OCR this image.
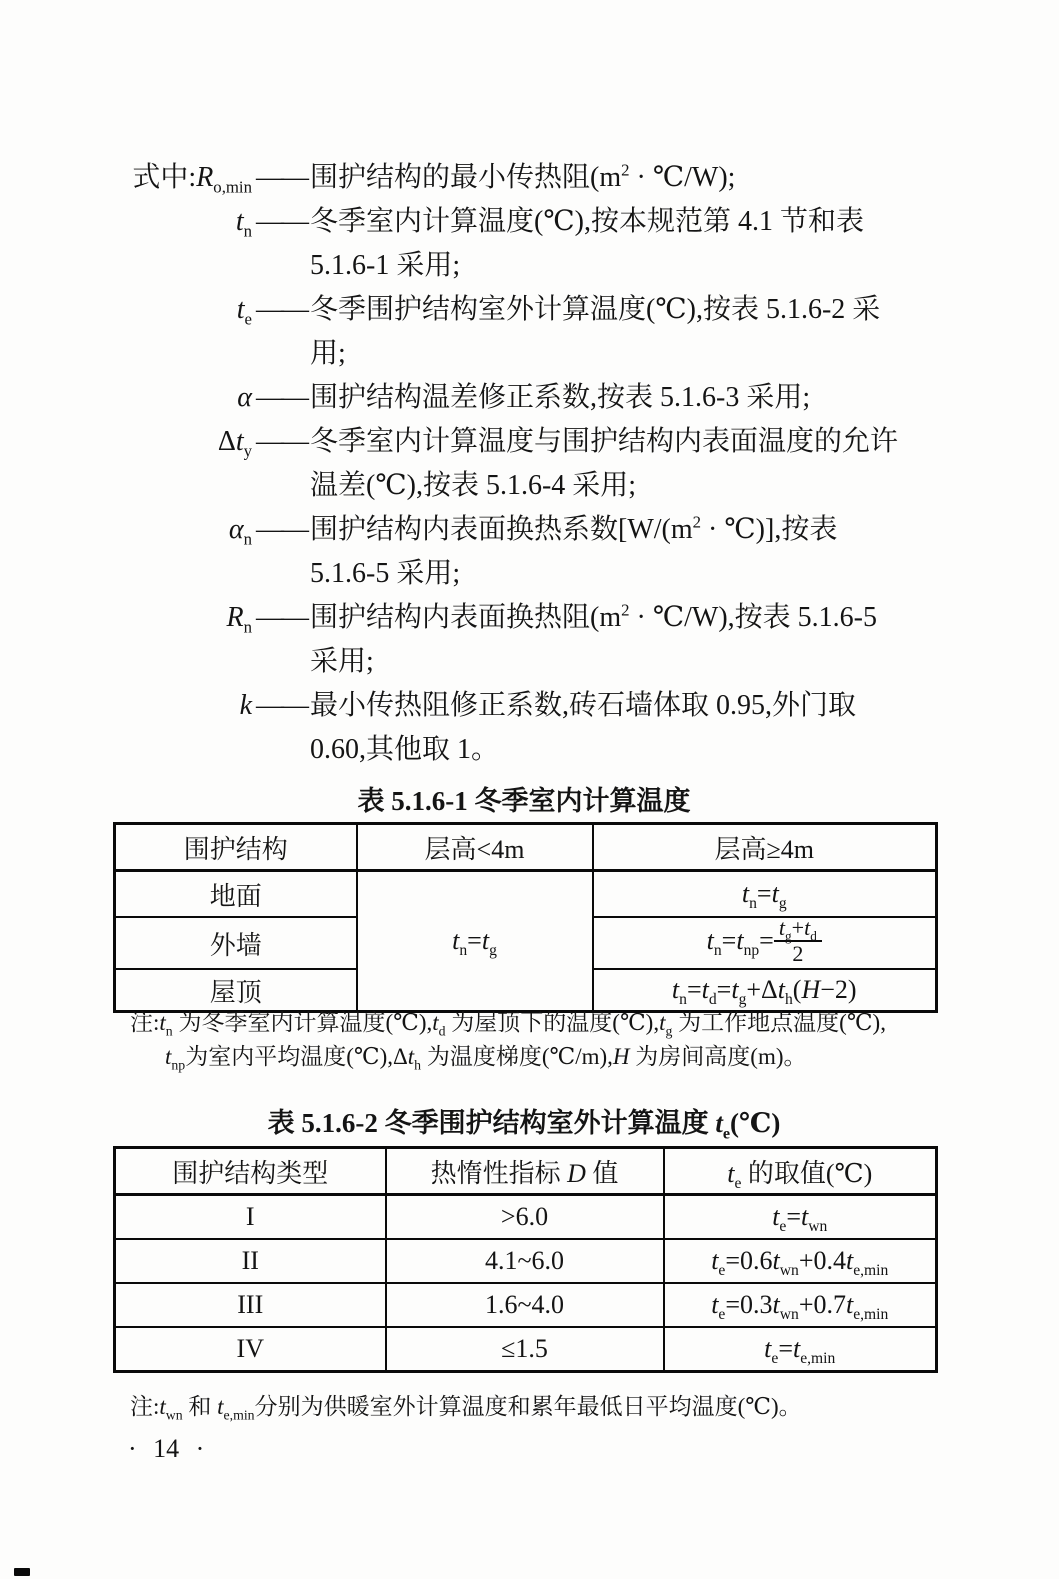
式中: $R_{o,min}$ —— 围护结构的最小传热阻($m^2$ · ℃/W);
$t_n$ —— 冬季室内计算温度(℃),按本规范第 4.1 节和表
5.1.6-1 采用;
$t_e$ —— 冬季围护结构室外计算温度(℃),按表 5.1.6-2 采
用;
α —— 围护结构温差修正系数,按表 5.1.6-3 采用;
$\Delta t_y$ —— 冬季室内计算温度与围护结构内表面温度的允许
温差(℃),按表 5.1.6-4 采用;
$\alpha_n$ —— 围护结构内表面换热系数[$W/(m^2$ · ℃)],按表
5.1.6-5 采用;
$R_n$ —— 围护结构内表面换热阻($m^2$ · ℃/W),按表 5.1.6-5
采用;
k —— 最小传热阻修正系数,砖石墙体取 0.95,外门取
0.60,其他取 1。
表 5.1.6-1 冬季室内计算温度
围护结构	层高<4m	层高≥4m
地面	$t_n=t_g$	$t_n=t_g$
外墙		$t_n=t_{np}= \frac{t_g+t_d}{2}$

屋顶		$t_n=t_d=t_g+\Delta t_h(H-2)$
注$:t_n$ 为冬季室内计算温度$(℃),t_d$ 为屋顶下的温度$(℃),t_g$ 为工作地点温度(℃),
$t_{np}$为室内平均温度$(℃),\Delta t_h$ 为温度梯度(℃/m),H 为房间高度(m)。
表 5.1.6-2 冬季围护结构室外计算温度 $t_e(℃)$
围护结构类型	热惰性指标 D 值	$t_e$ 的取值(℃)
I	>6.0	$t_e=t_{wn}$
II	4.1~6.0	$t_e=0.6t_{wn}+0.4t_{e,min}$
III	1.6~4.0	$t_e=0.3t_{wn}+0.7t_{e,min}$
IV	≤1.5	$t_e=t_{e,min}$
注$:t_{wn}$ 和 $t_{e,min}$分别为供暖室外计算温度和累年最低日平均温度(℃)。
· 14 ·
